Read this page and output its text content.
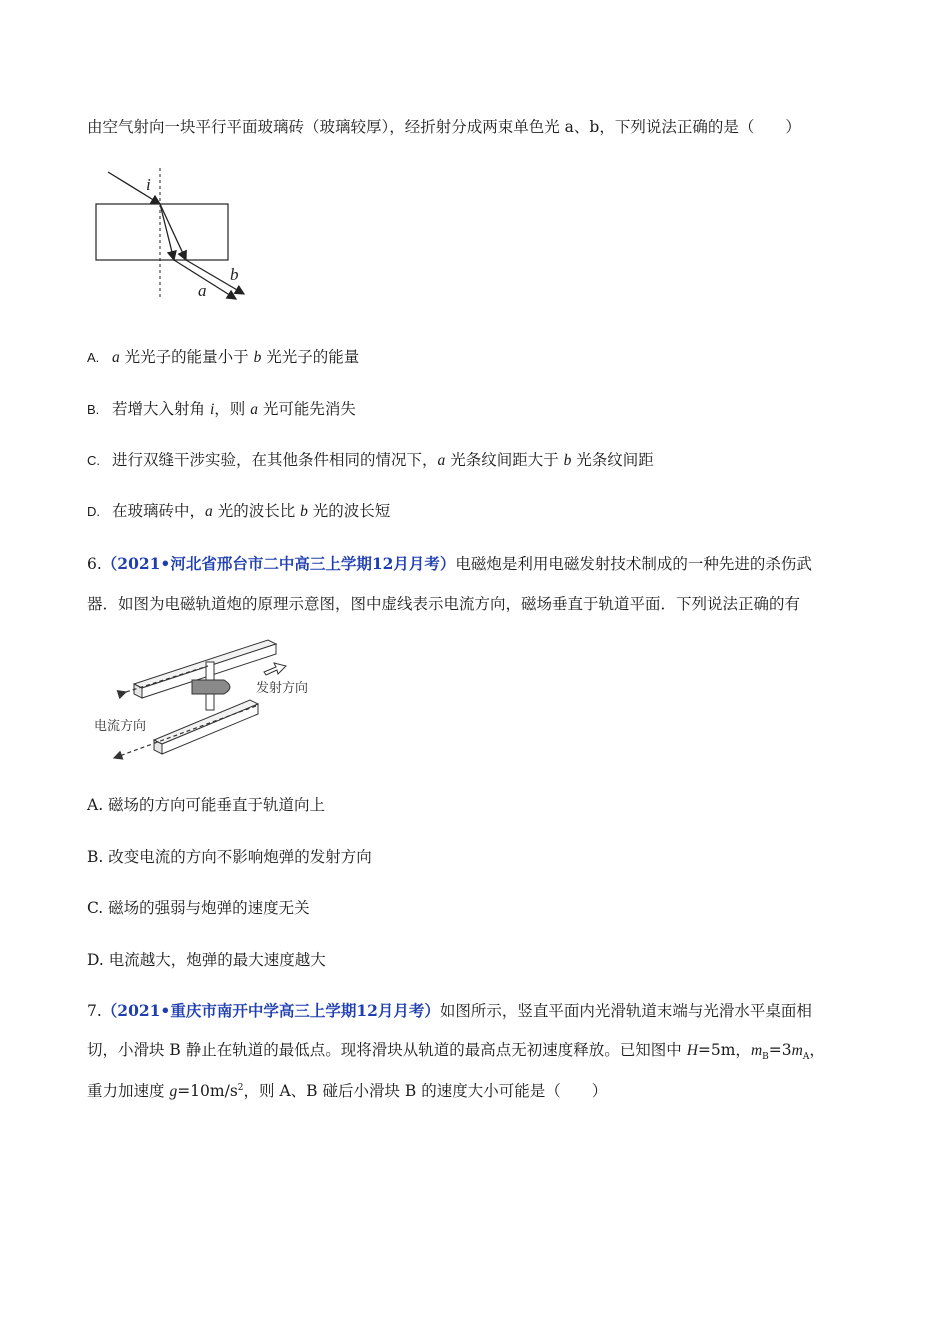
由空气射向一块平行平面玻璃砖（玻璃较厚），经折射分成两束单色光 a、b，下列说法正确的是（　　）
i
b
a
A. a 光光子的能量小于 b 光光子的能量
B. 若增大入射角 i，则 a 光可能先消失
C. 进行双缝干涉实验，在其他条件相同的情况下，a 光条纹间距大于 b 光条纹间距
D. 在玻璃砖中，a 光的波长比 b 光的波长短
6.（2021•河北省邢台市二中高三上学期12月月考）电磁炮是利用电磁发射技术制成的一种先进的杀伤武
器．如图为电磁轨道炮的原理示意图，图中虚线表示电流方向，磁场垂直于轨道平面．下列说法正确的有
发射方向
电流方向
A. 磁场的方向可能垂直于轨道向上
B. 改变电流的方向不影响炮弹的发射方向
C. 磁场的强弱与炮弹的速度无关
D. 电流越大，炮弹的最大速度越大
7.（2021•重庆市南开中学高三上学期12月月考）如图所示，竖直平面内光滑轨道末端与光滑水平桌面相
切，小滑块 B 静止在轨道的最低点。现将滑块从轨道的最高点无初速度释放。已知图中 H=5m，$m_B=3m_A$，
重力加速度 $g=10m/s^2$，则 A、B 碰后小滑块 B 的速度大小可能是（　　）
